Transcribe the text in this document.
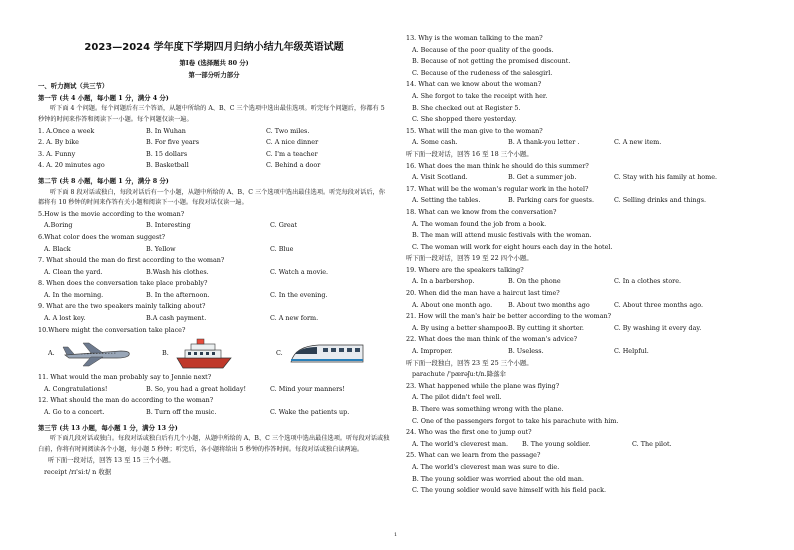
2023—2024 学年度下学期四月归纳小结九年级英语试题
第Ⅰ卷 (选择题共 80 分)
第一部分听力部分
一、听力测试（共三节）
第一节 (共 4 小题，每小题 1 分，满分 4 分)
听下面 4 个问题。每个问题后有三个答语，从题中所给的 A、B、C 三个选项中选出最佳选项。听完每个问题后，你都有 5 秒钟的时间来作答和阅读下一小题。每个问题仅读一遍。
1. A.Once a week	B. In Wuhan	C. Two miles.
2. A. By bike	B. For five years	C. A nice dinner
3. A. Funny	B. 15 dollars	C. I'm a teacher
4. A. 20 minutes ago	B. Basketball	C. Behind a door
第二节 (共 8 小题，每小题 1 分，满分 8 分)
听下面 8 段对话或独白，每段对话后有一个小题，从题中所给的 A、B、C 三个选项中选出最佳选项。听完每段对话后，你都将有 10 秒钟的时间来作答有关小题和阅读下一小题。每段对话仅读一遍。
5.How is the movie according to the woman?
A.Boring	B. Interesting	C. Great
6.What color does the woman suggest?
A. Black	B. Yellow	C. Blue
7. What should the man do first according to the woman?
A. Clean the yard.	B.Wash his clothes.	C. Watch a movie.
8. When does the conversation take place probably?
A. In the morning.	B. In the afternoon.	C. In the evening.
9. What are the two speakers mainly talking about?
A. A lost key.	B.A cash payment.	C. A new form.
10.Where might the conversation take place?
A.	B.	C.
11. What would the man probably say to Jennie next?
A. Congratulations!	B. So, you had a great holiday!	C. Mind your manners!
12. What should the man do according to the woman?
A. Go to a concert.	B. Turn off the music.	C. Wake the patients up.
第三节 (共 13 小题，每小题 1 分，满分 13 分)
听下面几段对话或独白。每段对话或独白后有几个小题，从题中所给的 A、B、C 三个选项中选出最佳选项。听每段对话或独白前，你将有时间阅读各个小题，每小题 5 秒钟；听完后，各小题将给出 5 秒钟的作答时间。每段对话或独白读两遍。
听下面一段对话，回答 13 至 15 三个小题。
receipt /rɪ'siːt/ n 收据
13. Why is the woman talking to the man?
A. Because of the poor quality of the goods.
B. Because of not getting the promised discount.
C. Because of the rudeness of the salesgirl.
14. What can we know about the woman?
A. She forgot to take the receipt with her.
B. She checked out at Register 5.
C. She shopped there yesterday.
15. What will the man give to the woman?
A. Some cash.	B. A thank-you letter .	C. A new item.
听下面一段对话，回答 16 至 18 三个小题。
16. What does the man think he should do this summer?
A. Visit Scotland.	B. Get a summer job.	C. Stay with his family at home.
17. What will be the woman's regular work in the hotel?
A. Setting the tables.	B. Parking cars for guests.	C. Selling drinks and things.
18. What can we know from the conversation?
A. The woman found the job from a book.
B. The man will attend music festivals with the woman.
C. The woman will work for eight hours each day in the hotel.
听下面一段对话，回答 19 至 22 四个小题。
19. Where are the speakers talking?
A. In a barbershop.	B. On the phone	C. In a clothes store.
20. When did the man have a haircut last time?
A. About one month ago.	B. About two months ago	C. About three months ago.
21. How will the man's hair be better according to the woman?
A. By using a better shampoo.
B. By cutting it shorter.	C. By washing it every day.
22. What does the man think of the woman's advice?
A. Improper.	B. Useless.	C. Helpful.
听下面一段独白，回答 23 至 25 三个小题。
parachute /'pærəʃuːt/n.降落伞
23. What happened while the plane was flying?
A. The pilot didn't feel well.
B. There was something wrong with the plane.
C. One of the passengers forgot to take his parachute with him.
24. Who was the first one to jump out?
A. The world's cleverest man.	B. The young soldier.	C. The pilot.
25. What can we learn from the passage?
A. The world's cleverest man was sure to die.
B. The young soldier was worried about the old man.
C. The young soldier would save himself with his field pack.
1
